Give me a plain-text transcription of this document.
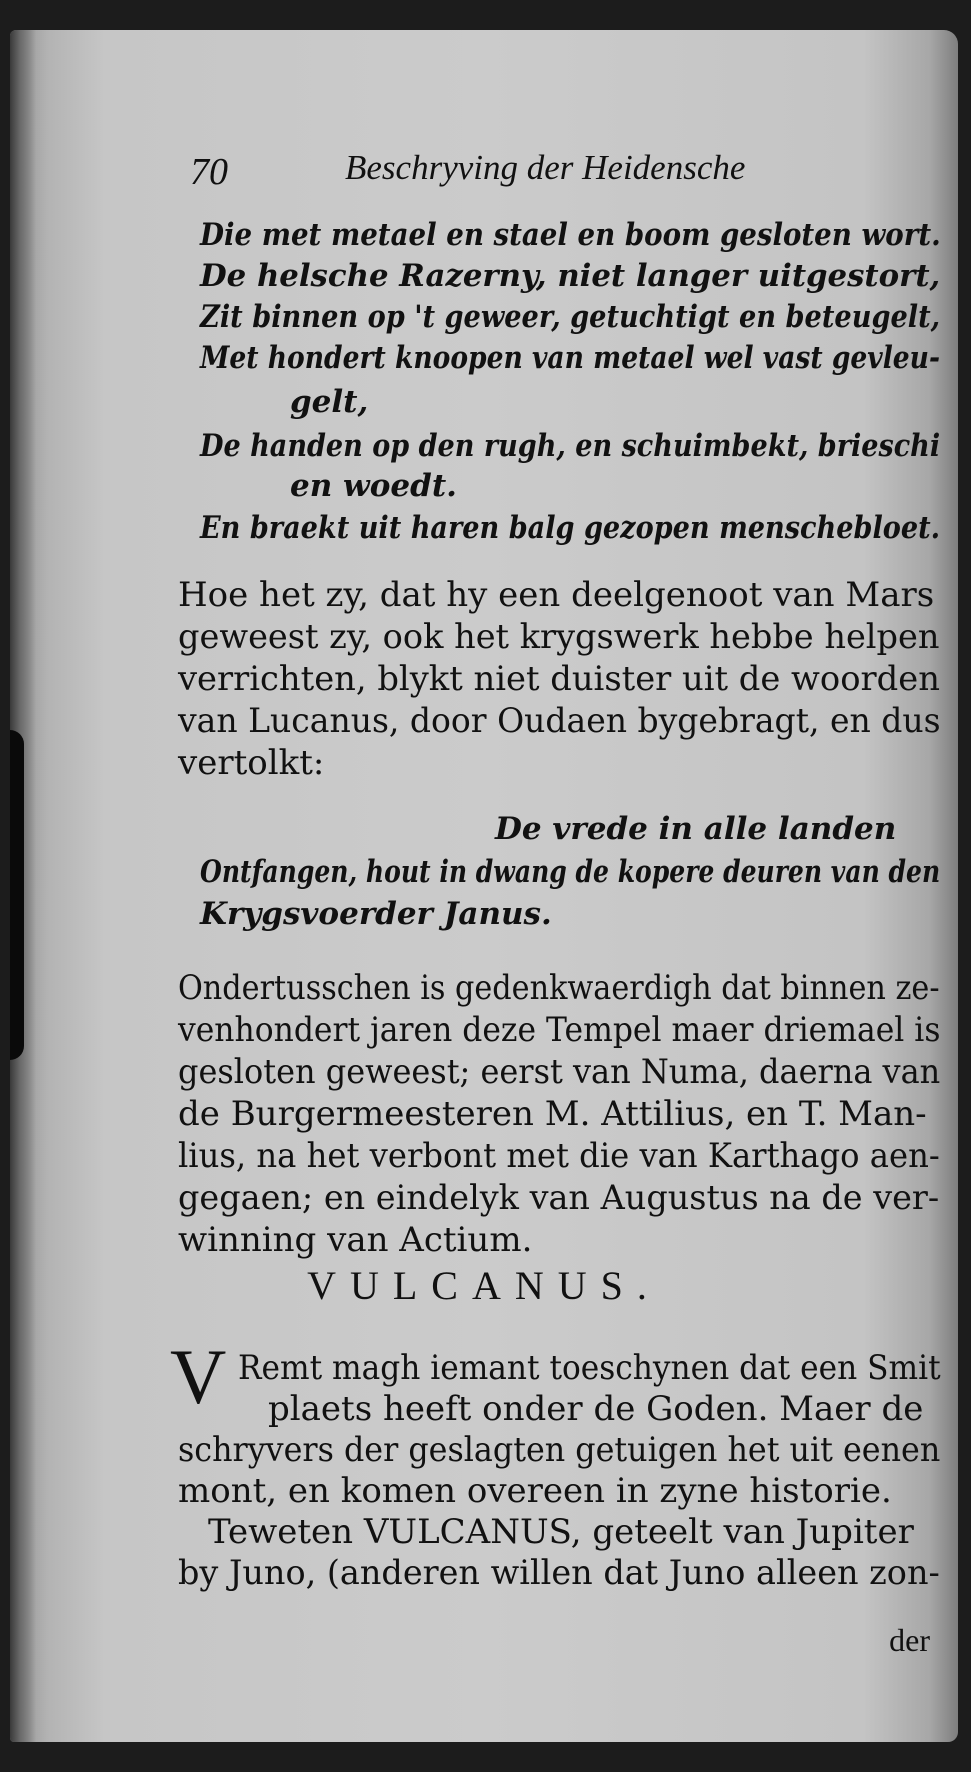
70	Beschryving der Heidensche
Die met metael en stael en boom gesloten wort.
De helsche Razerny, niet langer uitgestort,
Zit binnen op 't geweer, getuchtigt en beteugelt,
Met hondert knoopen van metael wel vast gevleu-
gelt,
De handen op den rugh, en schuimbekt, brieschi
en woedt.
En braekt uit haren balg gezopen menschebloet.
Hoe het zy, dat hy een deelgenoot van Mars
geweest zy, ook het krygswerk hebbe helpen
verrichten, blykt niet duister uit de woorden
van Lucanus, door Oudaen bygebragt, en dus
vertolkt:
De vrede in alle landen
Ontfangen, hout in dwang de kopere deuren van den
Krygsvoerder Janus.
Ondertusschen is gedenkwaerdigh dat binnen ze-
venhondert jaren deze Tempel maer driemael is
gesloten geweest; eerst van Numa, daerna van
de Burgermeesteren M. Attilius, en T. Man-
lius, na het verbont met die van Karthago aen-
gegaen; en eindelyk van Augustus na de ver-
winning van Actium.
VULCANUS.
V Remt magh iemant toeschynen dat een Smit
plaets heeft onder de Goden. Maer de
schryvers der geslagten getuigen het uit eenen
mont, en komen overeen in zyne historie.
Teweten VULCANUS, geteelt van Jupiter
by Juno, (anderen willen dat Juno alleen zon-
der
